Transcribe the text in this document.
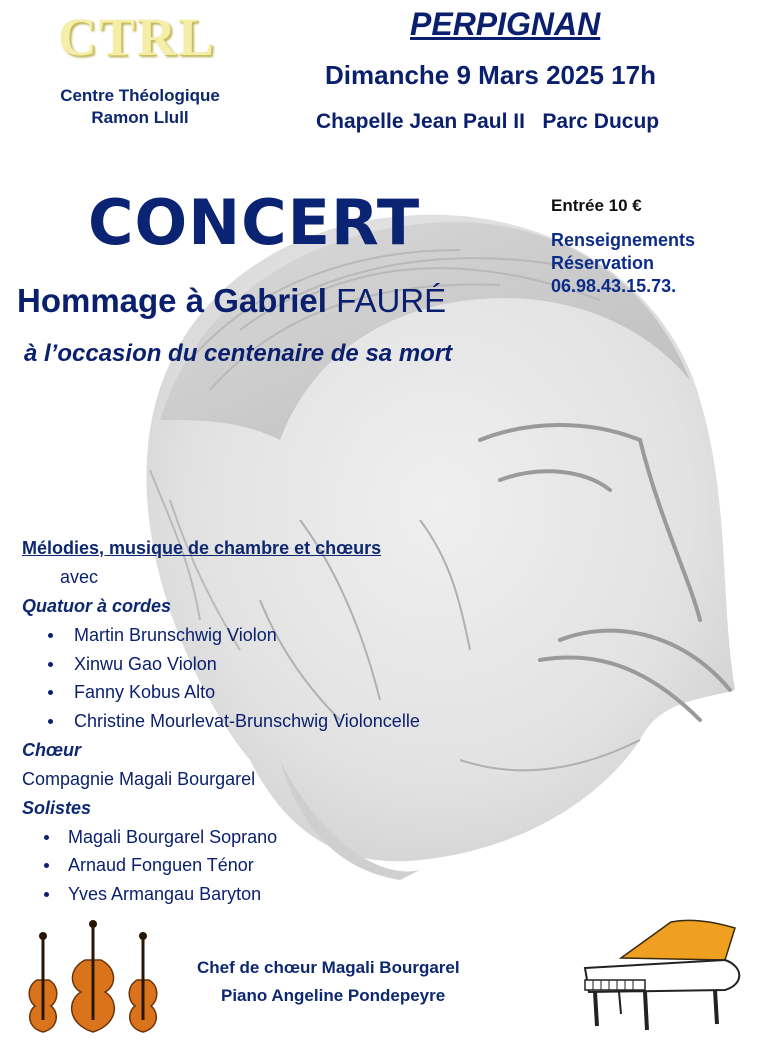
CTRL
Centre Théologique
Ramon Llull
PERPIGNAN
Dimanche 9 Mars 2025 17h
Chapelle Jean Paul II   Parc Ducup
CONCERT
Hommage à Gabriel FAURÉ
à l’occasion du centenaire de sa mort
Entrée 10 €
Renseignements
Réservation
06.98.43.15.73.
Mélodies, musique de chambre et chœurs
avec
Quatuor à cordes
Martin Brunschwig Violon
Xinwu Gao Violon
Fanny Kobus Alto
Christine Mourlevat-Brunschwig Violoncelle
Chœur
Compagnie Magali Bourgarel
Solistes
Magali Bourgarel Soprano
Arnaud Fonguen Ténor
Yves Armangau Baryton
Chef de chœur Magali Bourgarel
Piano Angeline Pondepeyre
